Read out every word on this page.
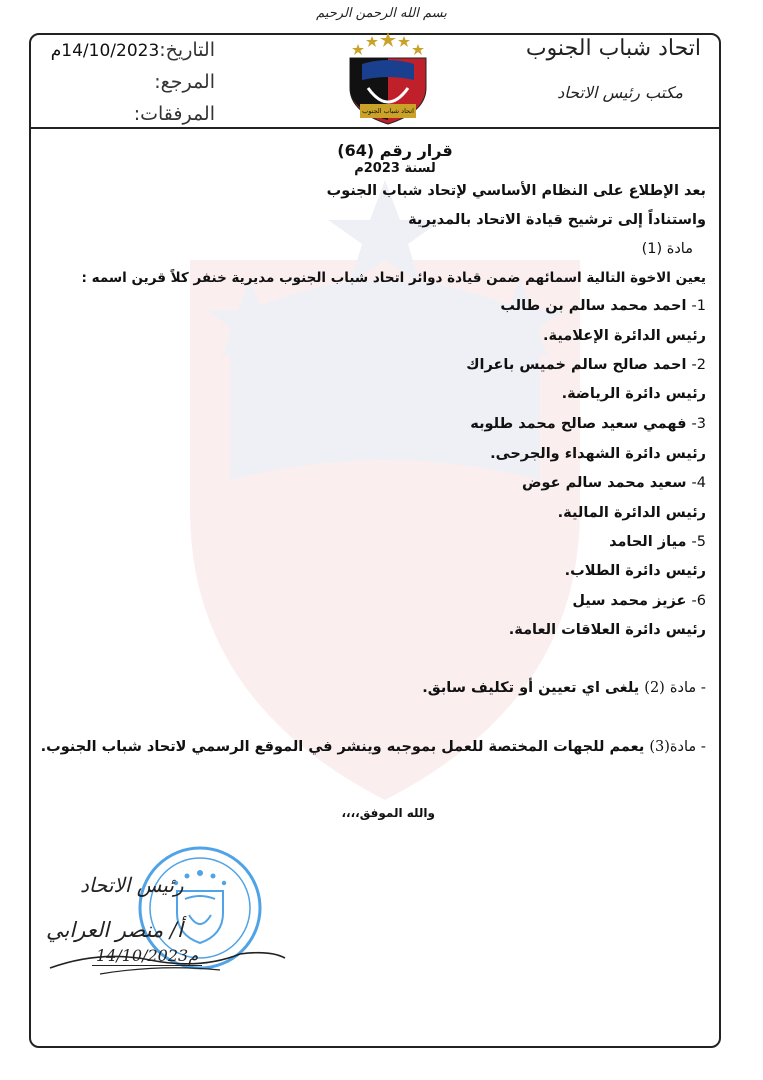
بسم الله الرحمن الرحيم
اتحاد شباب الجنوب
مكتب رئيس الاتحاد
التاريخ:14/10/2023م
المرجع:
المرفقات:	اتحاد شباب الجنوب
قرار رقم (64)
لسنة 2023م
بعد الإطلاع على النظام الأساسي لإتحاد شباب الجنوب
واستناداً إلى ترشيح قيادة الاتحاد بالمديرية
مادة (1)
يعين الاخوة التالية اسمائهم ضمن قيادة دوائر اتحاد شباب الجنوب مديرية خنفر كلاً قرين اسمه :
1- احمد محمد سالم بن طالب
رئيس الدائرة الإعلامية.
2- احمد صالح سالم خميس باعراك
رئيس دائرة الرياضة.
3- فهمي سعيد صالح محمد طلوبه
رئيس دائرة الشهداء والجرحى.
4- سعيد محمد سالم عوض
رئيس الدائرة المالية.
5- مياز الحامد
رئيس دائرة الطلاب.
6- عزيز محمد سيل
رئيس دائرة العلاقات العامة.
- مادة (2) يلغى اي تعيين أو تكليف سابق.
- مادة(3) يعمم للجهات المختصة للعمل بموجبه وينشر في الموقع الرسمي لاتحاد شباب الجنوب.
والله الموفق،،،،
رئيس الاتحاد
أ/ منصر العرابي
14/10/2023م
